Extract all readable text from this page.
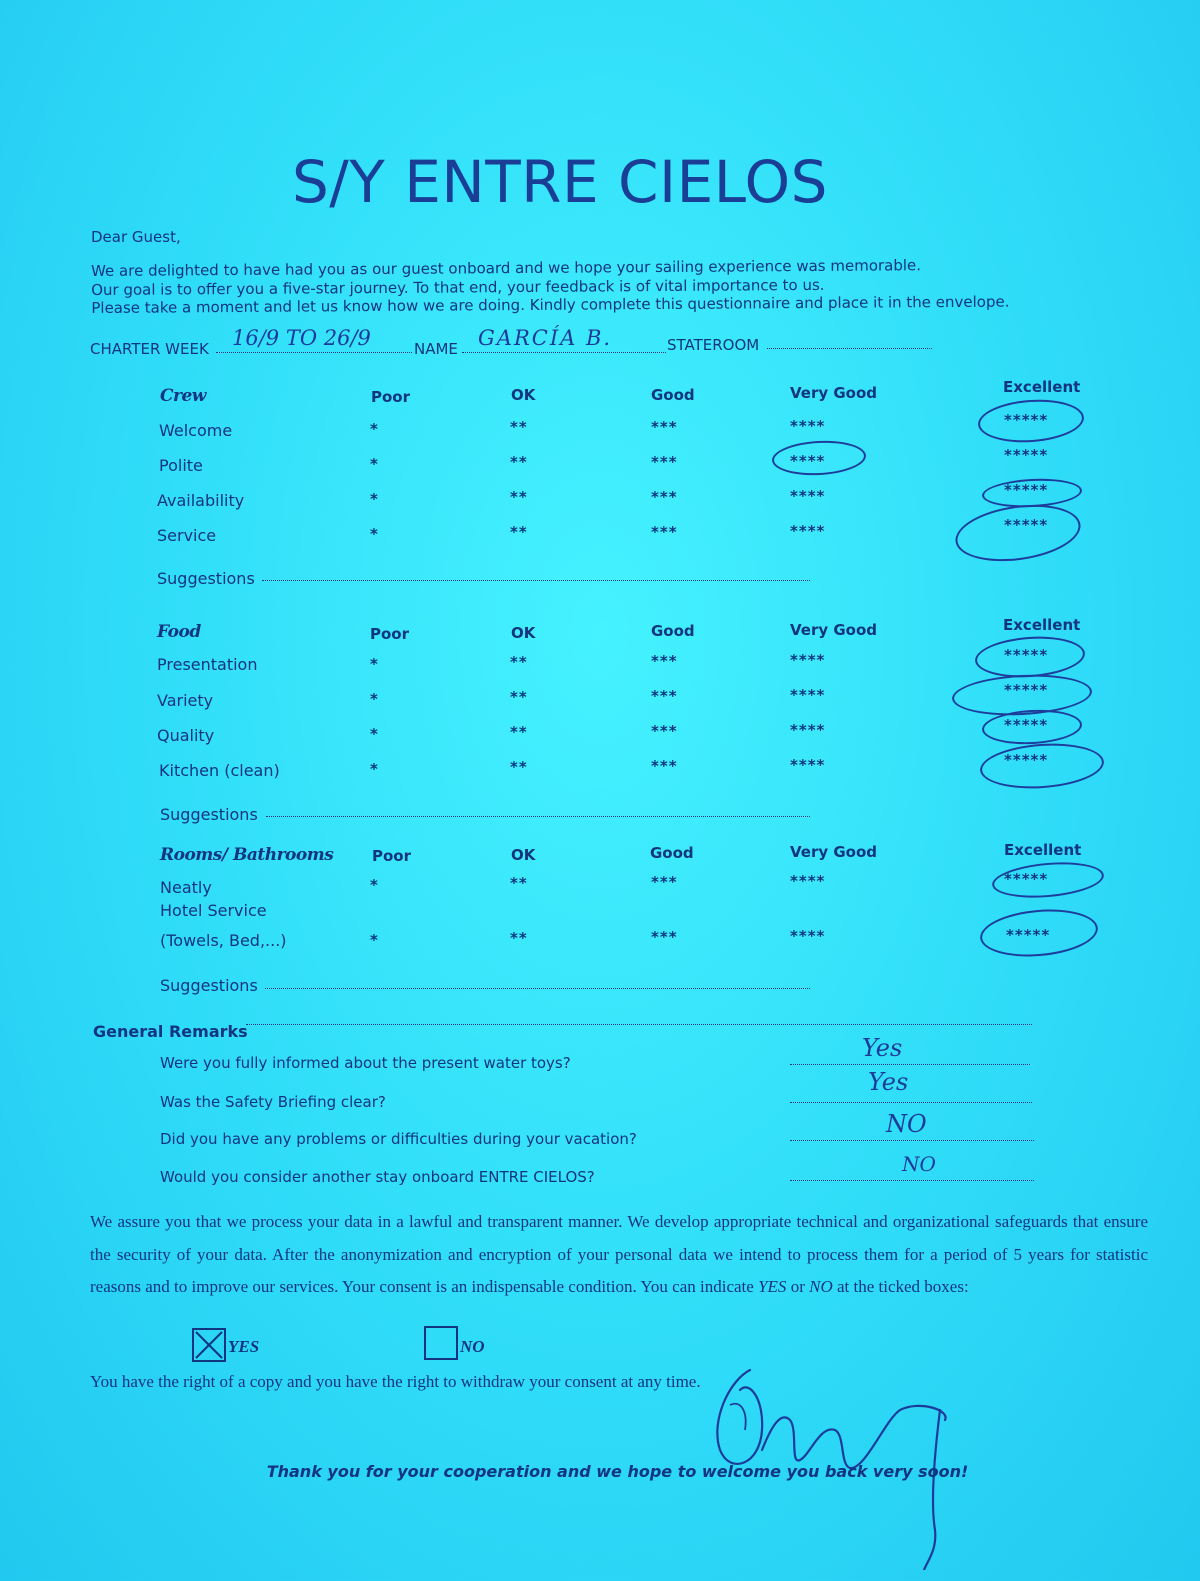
S/Y ENTRE CIELOS
Dear Guest,
We are delighted to have had you as our guest onboard and we hope your sailing experience was memorable.
Our goal is to offer you a five-star journey. To that end, your feedback is of vital importance to us.
Please take a moment and let us know how we are doing. Kindly complete this questionnaire and place it in the envelope.
CHARTER WEEK 16/9 TO 26/9	NAME GARCÍA B.	STATEROOM
Crew	Poor	OK	Good	Very Good	Excellent
Welcome	*	**	***	****	*****
Polite	*	**	***	****	*****
Availability	*	**	***	****	*****
Service	*	**	***	****	*****
Suggestions
Food	Poor	OK	Good	Very Good	Excellent
Presentation	*	**	***	****	*****
Variety	*	**	***	****	*****
Quality	*	**	***	****	*****
Kitchen (clean)	*	**	***	****	*****
Suggestions
Rooms/ Bathrooms	Poor	OK	Good	Very Good	Excellent
Neatly	*	**	***	****	*****
Hotel Service
(Towels, Bed,...)	*	**	***	****	*****
Suggestions
General Remarks
Were you fully informed about the present water toys?
Yes
Was the Safety Briefing clear?
Yes
Did you have any problems or difficulties during your vacation?
NO
Would you consider another stay onboard ENTRE CIELOS?
NO
We assure you that we process your data in a lawful and transparent manner. We develop appropriate technical and organizational safeguards that ensure the security of your data. After the anonymization and encryption of your personal data we intend to process them for a period of 5 years for statistic reasons and to improve our services. Your consent is an indispensable condition. You can indicate YES or NO at the ticked boxes:
YES	NO
You have the right of a copy and you have the right to withdraw your consent at any time.
Thank you for your cooperation and we hope to welcome you back very soon!
